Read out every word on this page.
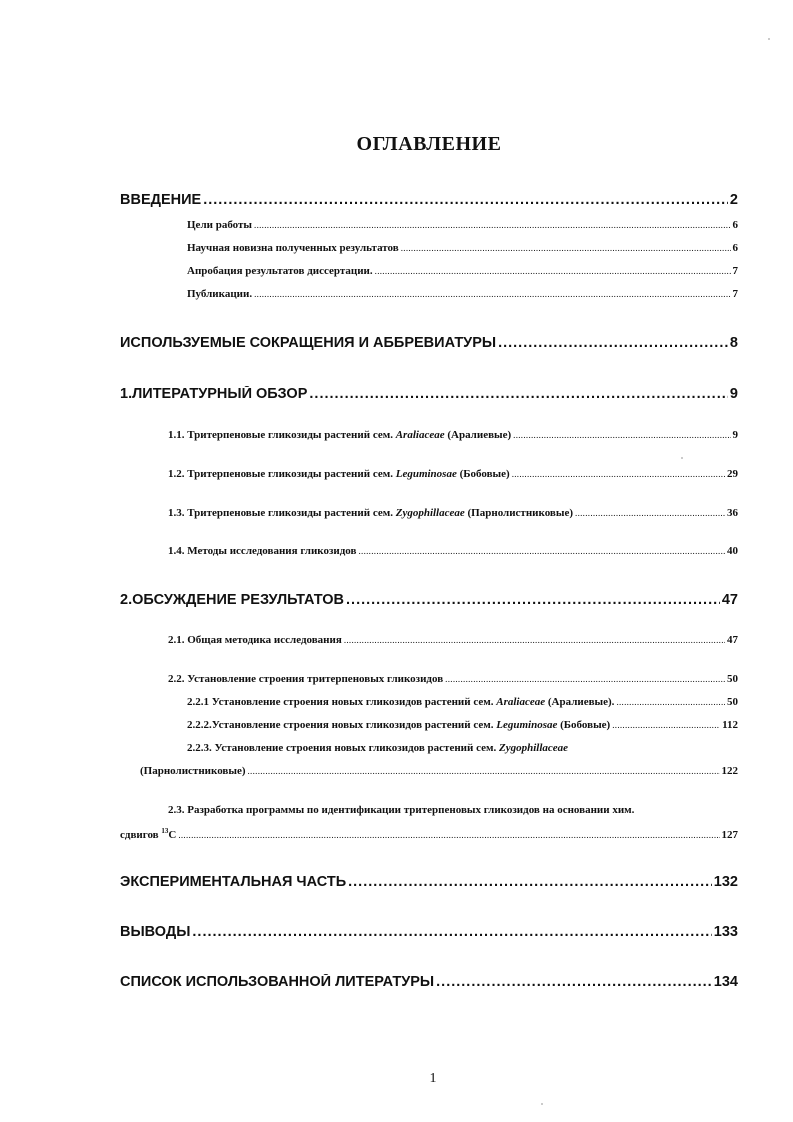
ОГЛАВЛЕНИЕ
ВВЕДЕНИЕ .....	2
Цели работы .....	6
Научная новизна полученных результатов .....	6
Апробация результатов диссертации. .....	7
Публикации. .....	7
ИСПОЛЬЗУЕМЫЕ СОКРАЩЕНИЯ И АББРЕВИАТУРЫ .....	8
1.ЛИТЕРАТУРНЫЙ ОБЗОР .....	9
1.1. Тритерпеновые гликозиды растений сем. Araliaceae (Аралиевые) .....	9
1.2. Тритерпеновые гликозиды растений сем. Leguminosae (Бобовые) .....	29
1.3. Тритерпеновые гликозиды растений сем. Zygophillaceae (Парнолистниковые) .....	36
1.4. Методы исследования гликозидов .....	40
2.ОБСУЖДЕНИЕ РЕЗУЛЬТАТОВ .....	47
2.1. Общая методика исследования .....	47
2.2. Установление строения тритерпеновых гликозидов .....	50
2.2.1 Установление строения новых гликозидов растений сем. Araliaceae (Аралиевые). .....	50
2.2.2.Установление строения новых гликозидов растений сем. Leguminosae (Бобовые) .....	112
2.2.3. Установление строения новых гликозидов растений сем. Zygophillaceae
(Парнолистниковые) .....	122
2.3. Разработка программы по идентификации тритерпеновых гликозидов на основании хим.
сдвигов $^{13}$С .....	127
ЭКСПЕРИМЕНТАЛЬНАЯ ЧАСТЬ .....	132
ВЫВОДЫ .....	133
СПИСОК ИСПОЛЬЗОВАННОЙ ЛИТЕРАТУРЫ .....	134
1
